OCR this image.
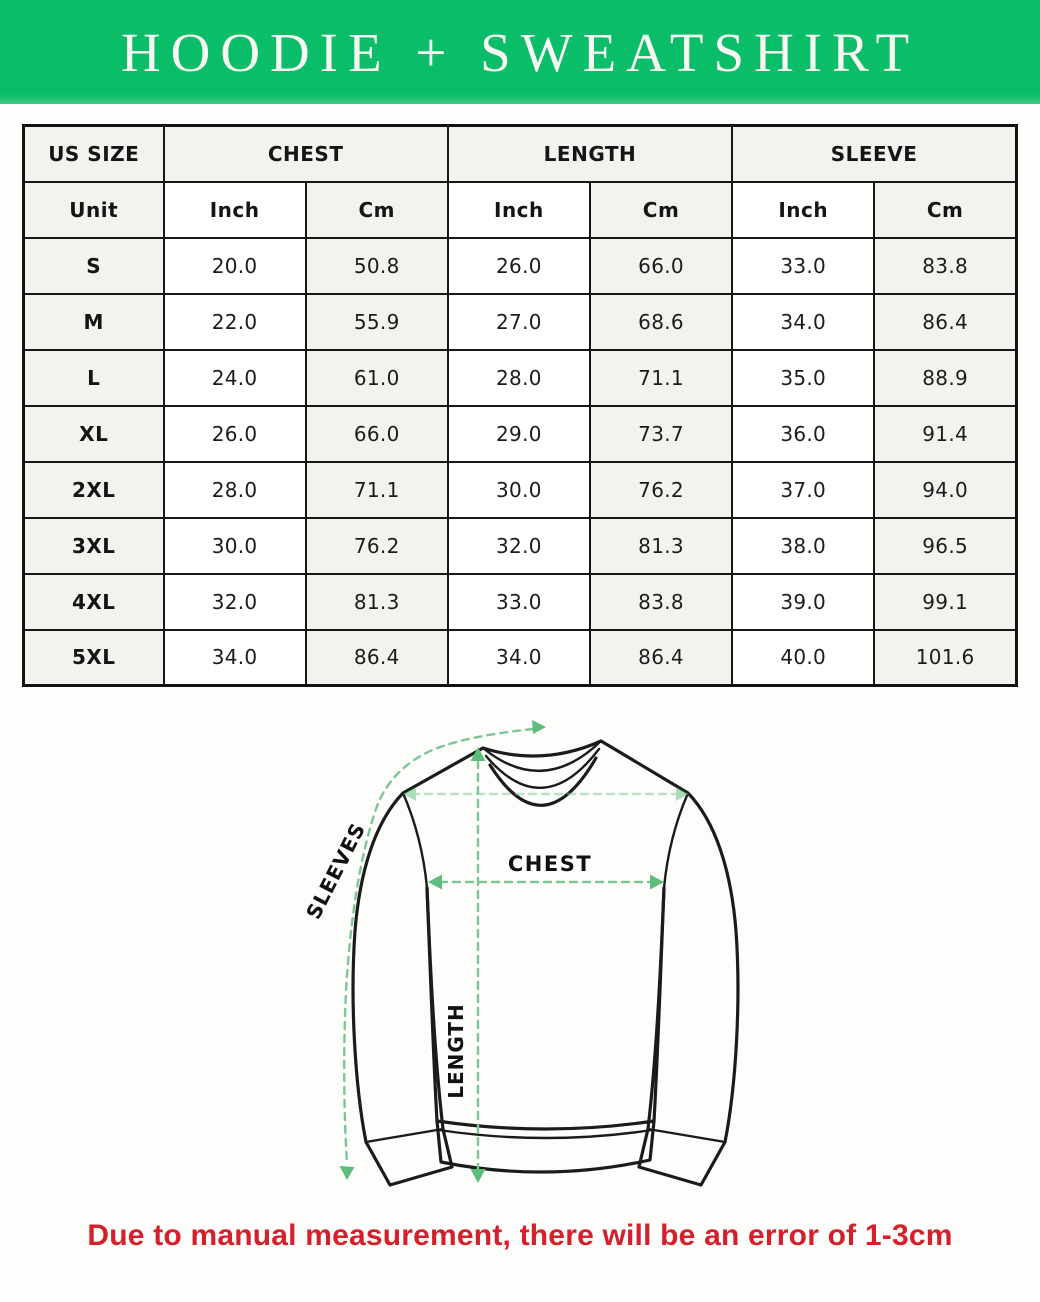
HOODIE + SWEATSHIRT
US SIZE	CHEST		LENGTH		SLEEVE	
Unit	Inch	Cm	Inch	Cm	Inch	Cm
S	20.0	50.8	26.0	66.0	33.0	83.8
M	22.0	55.9	27.0	68.6	34.0	86.4
L	24.0	61.0	28.0	71.1	35.0	88.9
XL	26.0	66.0	29.0	73.7	36.0	91.4
2XL	28.0	71.1	30.0	76.2	37.0	94.0
3XL	30.0	76.2	32.0	81.3	38.0	96.5
4XL	32.0	81.3	33.0	83.8	39.0	99.1
5XL	34.0	86.4	34.0	86.4	40.0	101.6
CHEST
LENGTH
SLEEVES

Due to manual measurement, there will be an error of 1-3cm
